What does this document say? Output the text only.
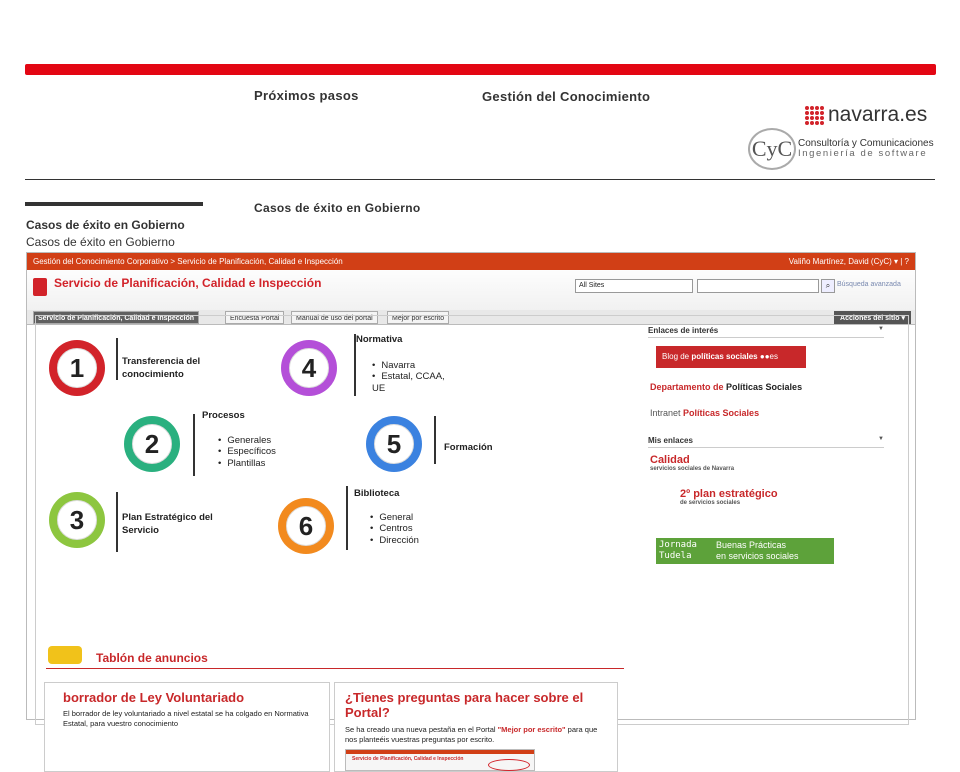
Próximos pasos	Gestión del Conocimiento
navarra.es
CyC Consultoría y Comunicaciones
Ingeniería de software
Casos de éxito en Gobierno
Casos de éxito en Gobierno
Casos de éxito en Gobierno
Gestión del Conocimiento Corporativo > Servicio de Planificación, Calidad e Inspección	Valiño Martínez, David (CyC) ▾ | ?
Servicio de Planificación, Calidad e Inspección	All Sites	⌕ Búsqueda avanzada
Servicio de Planificación, Calidad e Inspección	Encuesta Portal	Manual de uso del portal	Mejor por escrito	Acciones del sitio ▾
1	Transferencia del conocimiento	4
Normativa
• Navarra
• Estatal, CCAA, UE
2
Procesos
• Generales
• Específicos
• Plantillas
5	Formación
3	Plan Estratégico del Servicio	6
Biblioteca
• General
• Centros
• Dirección
Tablón de anuncios
borrador de Ley Voluntariado
El borrador de ley voluntariado a nivel estatal se ha colgado en Normativa Estatal, para vuestro conocimiento
¿Tienes preguntas para hacer sobre el Portal?
Se ha creado una nueva pestaña en el Portal "Mejor por escrito" para que nos planteéis vuestras preguntas por escrito.
Servicio de Planificación, Calidad e Inspección
Enlaces de interés	▼
Blog de políticas sociales ●●es
Departamento de Políticas Sociales
Intranet Políticas Sociales
Mis enlaces	▼
Calidad
servicios sociales de Navarra
2º plan estratégico
de servicios sociales
Jornada
Tudela
Buenas Prácticas
en servicios sociales
